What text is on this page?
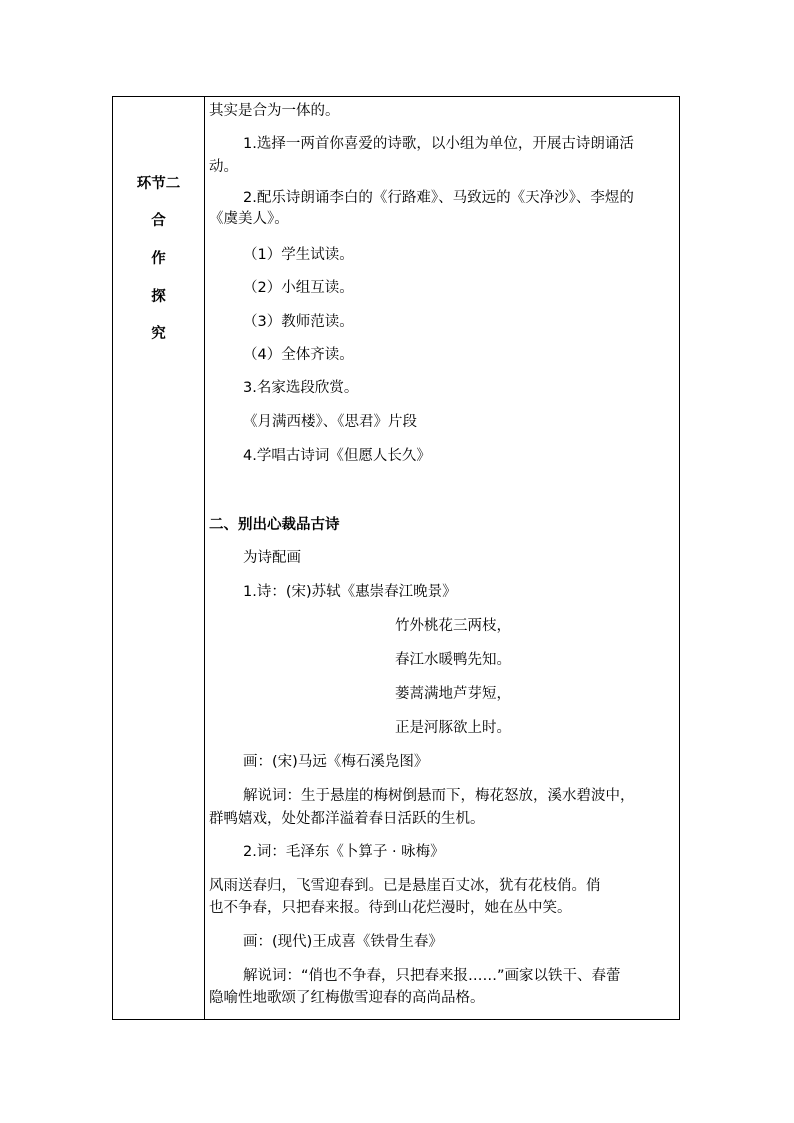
环节二
合
作
探
究
其实是合为一体的。
1.选择一两首你喜爱的诗歌，以小组为单位，开展古诗朗诵活
动。
2.配乐诗朗诵李白的《行路难》、马致远的《天净沙》、李煜的
《虞美人》。
（1）学生试读。
（2）小组互读。
（3）教师范读。
（4）全体齐读。
3.名家选段欣赏。
《月满西楼》、《思君》片段
4.学唱古诗词《但愿人长久》
二、别出心裁品古诗
为诗配画
1.诗：(宋)苏轼《惠崇春江晚景》
竹外桃花三两枝，
春江水暖鸭先知。
蒌蒿满地芦芽短，
正是河豚欲上时。
画：(宋)马远《梅石溪凫图》
解说词：生于悬崖的梅树倒悬而下，梅花怒放，溪水碧波中，
群鸭嬉戏，处处都洋溢着春日活跃的生机。
2.词：毛泽东《卜算子 · 咏梅》
风雨送春归，飞雪迎春到。已是悬崖百丈冰，犹有花枝俏。俏
也不争春，只把春来报。待到山花烂漫时，她在丛中笑。
画：(现代)王成喜《铁骨生春》
解说词：“俏也不争春，只把春来报……”画家以铁干、春蕾
隐喻性地歌颂了红梅傲雪迎春的高尚品格。
